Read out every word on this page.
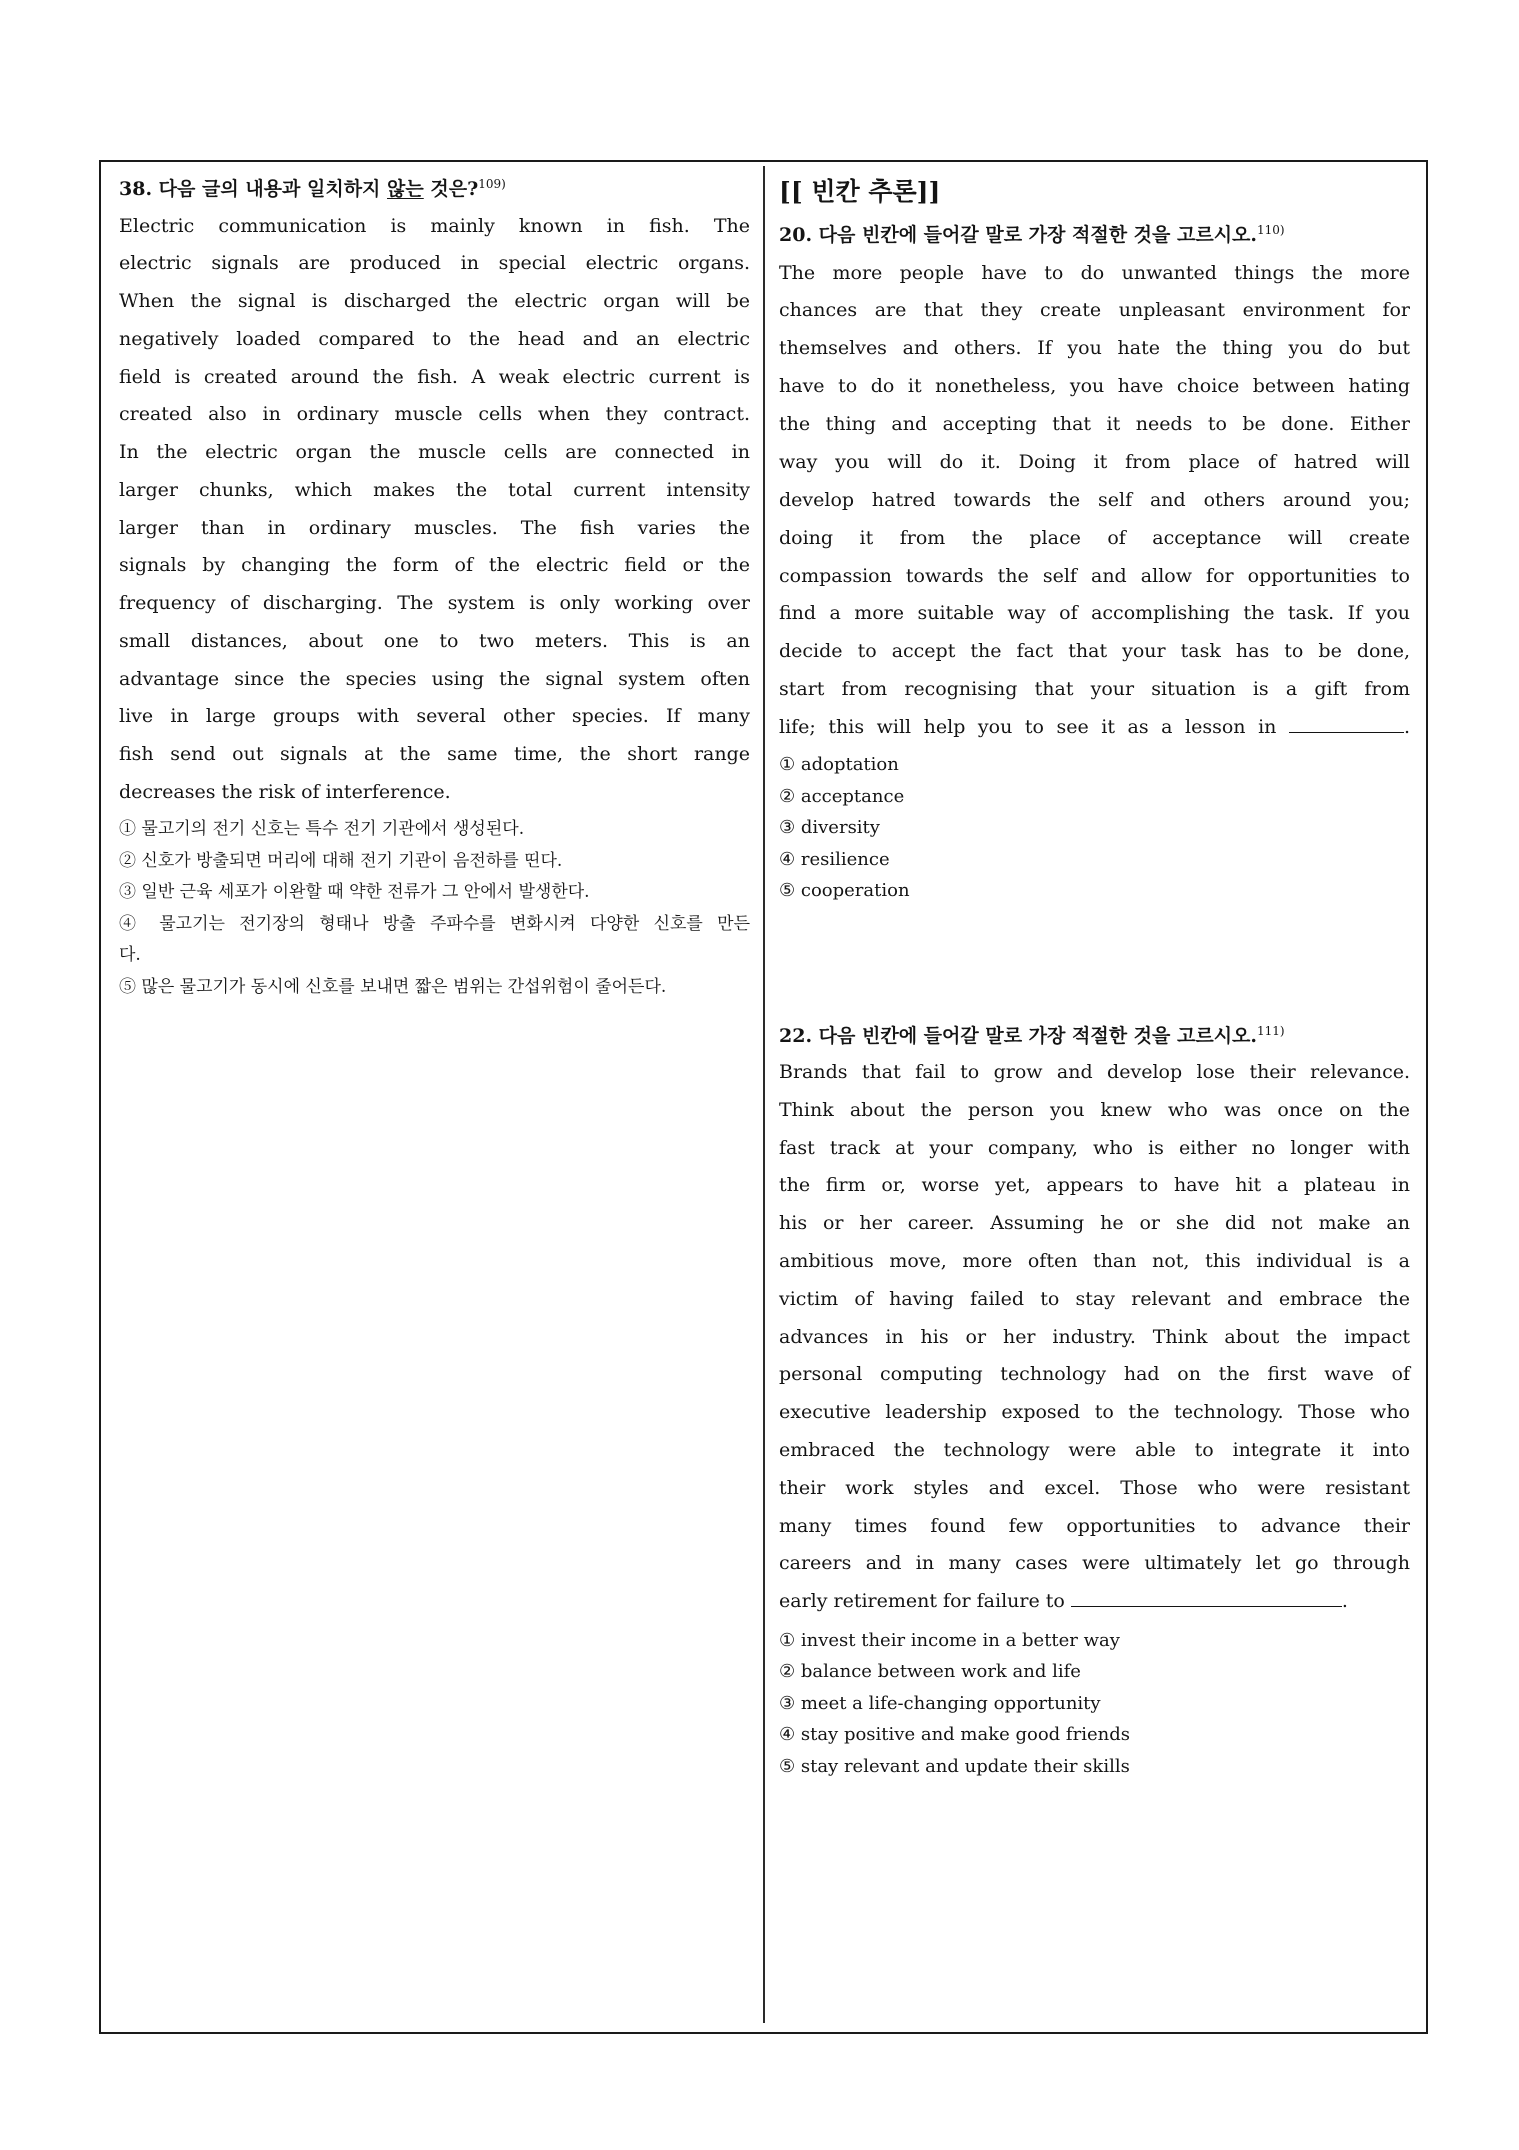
38. 다음 글의 내용과 일치하지 않는 것은?$^{109)}$
Electric communication is mainly known in fish. The
electric signals are produced in special electric organs.
When the signal is discharged the electric organ will be
negatively loaded compared to the head and an electric
field is created around the fish. A weak electric current is
created also in ordinary muscle cells when they contract.
In the electric organ the muscle cells are connected in
larger chunks, which makes the total current intensity
larger than in ordinary muscles. The fish varies the
signals by changing the form of the electric field or the
frequency of discharging. The system is only working over
small distances, about one to two meters. This is an
advantage since the species using the signal system often
live in large groups with several other species. If many
fish send out signals at the same time, the short range
decreases the risk of interference.
① 물고기의 전기 신호는 특수 전기 기관에서 생성된다.
② 신호가 방출되면 머리에 대해 전기 기관이 음전하를 띤다.
③ 일반 근육 세포가 이완할 때 약한 전류가 그 안에서 발생한다.
④ 물고기는 전기장의 형태나 방출 주파수를 변화시켜 다양한 신호를 만든
다.
⑤ 많은 물고기가 동시에 신호를 보내면 짧은 범위는 간섭위험이 줄어든다.
[[ 빈칸 추론]]
20. 다음 빈칸에 들어갈 말로 가장 적절한 것을 고르시오.$^{110)}$
The more people have to do unwanted things the more
chances are that they create unpleasant environment for
themselves and others. If you hate the thing you do but
have to do it nonetheless, you have choice between hating
the thing and accepting that it needs to be done. Either
way you will do it. Doing it from place of hatred will
develop hatred towards the self and others around you;
doing it from the place of acceptance will create
compassion towards the self and allow for opportunities to
find a more suitable way of accomplishing the task. If you
decide to accept the fact that your task has to be done,
start from recognising that your situation is a gift from
life; this will help you to see it as a lesson in	.
① adoptation
② acceptance
③ diversity
④ resilience
⑤ cooperation
22. 다음 빈칸에 들어갈 말로 가장 적절한 것을 고르시오.$^{111)}$
Brands that fail to grow and develop lose their relevance.
Think about the person you knew who was once on the
fast track at your company, who is either no longer with
the firm or, worse yet, appears to have hit a plateau in
his or her career. Assuming he or she did not make an
ambitious move, more often than not, this individual is a
victim of having failed to stay relevant and embrace the
advances in his or her industry. Think about the impact
personal computing technology had on the first wave of
executive leadership exposed to the technology. Those who
embraced the technology were able to integrate it into
their work styles and excel. Those who were resistant
many times found few opportunities to advance their
careers and in many cases were ultimately let go through
early retirement for failure to	.
① invest their income in a better way
② balance between work and life
③ meet a life-changing opportunity
④ stay positive and make good friends
⑤ stay relevant and update their skills
